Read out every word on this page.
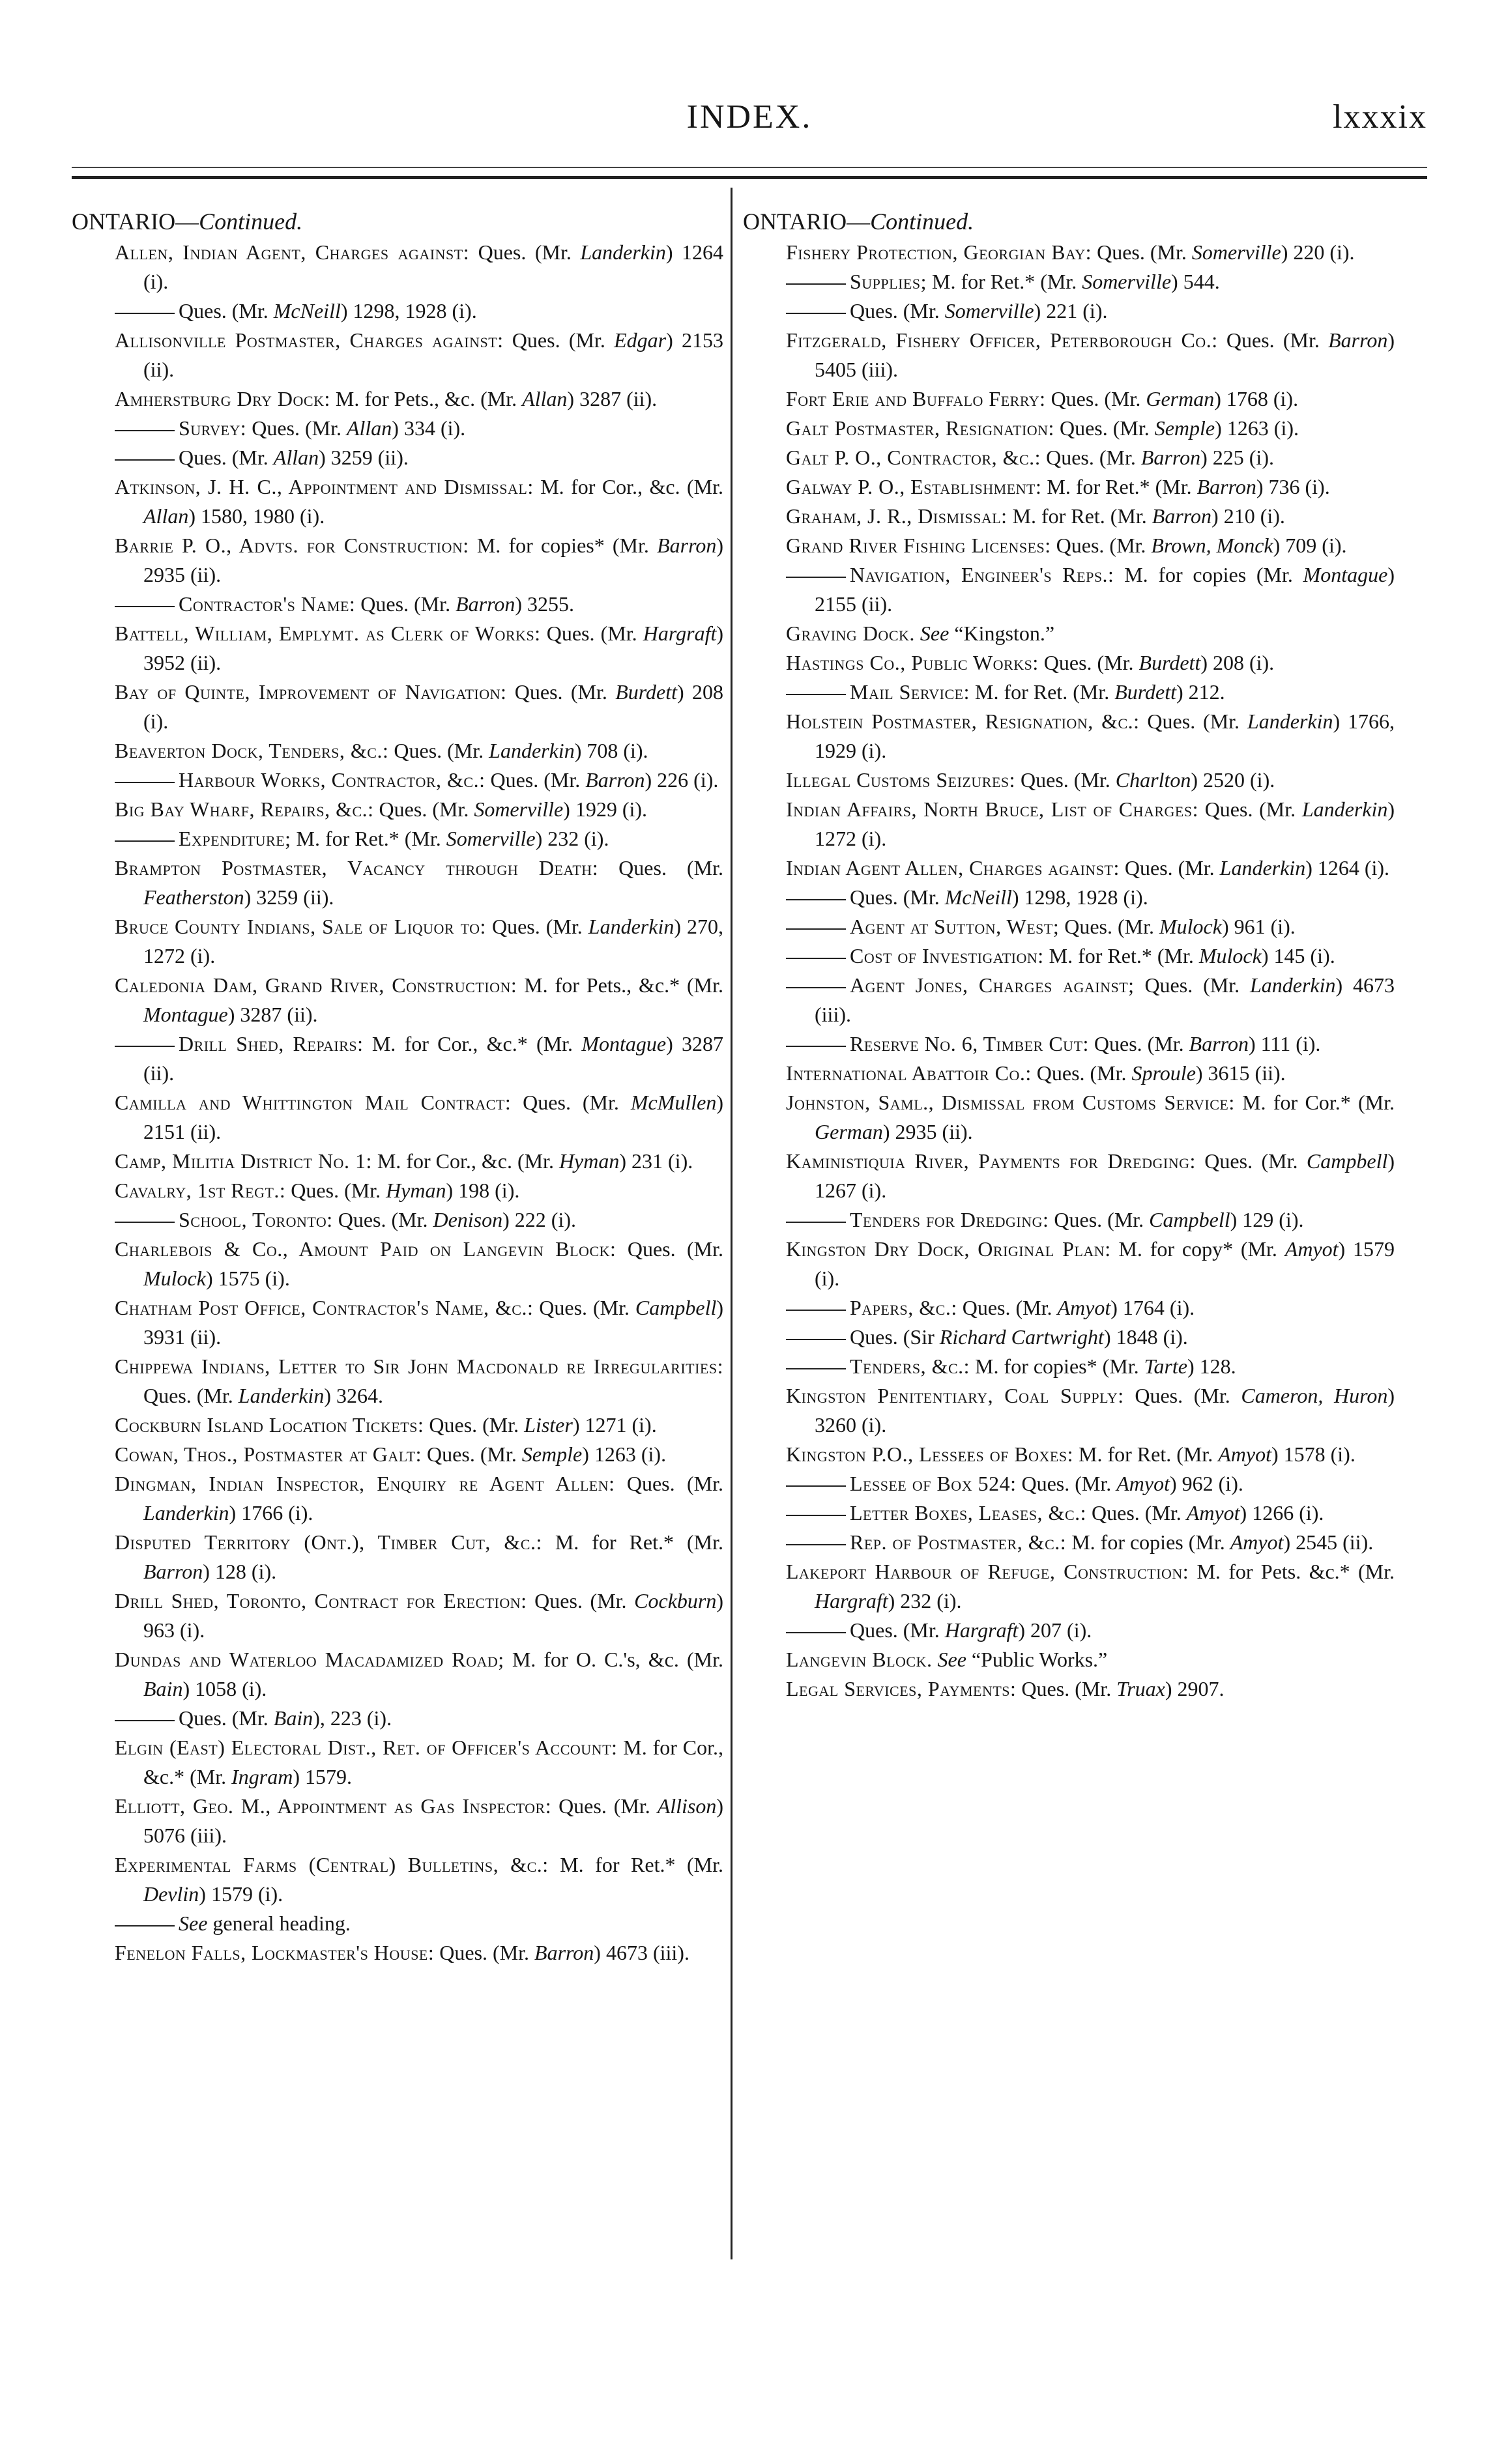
INDEX.	lxxxix
ONTARIO—Continued.
Allen, Indian Agent, Charges against: Ques. (Mr. Landerkin) 1264 (i).
Ques. (Mr. McNeill) 1298, 1928 (i).
Allisonville Postmaster, Charges against: Ques. (Mr. Edgar) 2153 (ii).
Amherstburg Dry Dock: M. for Pets., &c. (Mr. Allan) 3287 (ii).
Survey: Ques. (Mr. Allan) 334 (i).
Ques. (Mr. Allan) 3259 (ii).
Atkinson, J. H. C., Appointment and Dismissal: M. for Cor., &c. (Mr. Allan) 1580, 1980 (i).
Barrie P. O., Advts. for Construction: M. for copies* (Mr. Barron) 2935 (ii).
Contractor's Name: Ques. (Mr. Barron) 3255.
Battell, William, Emplymt. as Clerk of Works: Ques. (Mr. Hargraft) 3952 (ii).
Bay of Quinte, Improvement of Navigation: Ques. (Mr. Burdett) 208 (i).
Beaverton Dock, Tenders, &c.: Ques. (Mr. Landerkin) 708 (i).
Harbour Works, Contractor, &c.: Ques. (Mr. Barron) 226 (i).
Big Bay Wharf, Repairs, &c.: Ques. (Mr. Somerville) 1929 (i).
Expenditure; M. for Ret.* (Mr. Somerville) 232 (i).
Brampton Postmaster, Vacancy through Death: Ques. (Mr. Featherston) 3259 (ii).
Bruce County Indians, Sale of Liquor to: Ques. (Mr. Landerkin) 270, 1272 (i).
Caledonia Dam, Grand River, Construction: M. for Pets., &c.* (Mr. Montague) 3287 (ii).
Drill Shed, Repairs: M. for Cor., &c.* (Mr. Montague) 3287 (ii).
Camilla and Whittington Mail Contract: Ques. (Mr. McMullen) 2151 (ii).
Camp, Militia District No. 1: M. for Cor., &c. (Mr. Hyman) 231 (i).
Cavalry, 1st Regt.: Ques. (Mr. Hyman) 198 (i).
School, Toronto: Ques. (Mr. Denison) 222 (i).
Charlebois & Co., Amount Paid on Langevin Block: Ques. (Mr. Mulock) 1575 (i).
Chatham Post Office, Contractor's Name, &c.: Ques. (Mr. Campbell) 3931 (ii).
Chippewa Indians, Letter to Sir John Macdonald re Irregularities: Ques. (Mr. Landerkin) 3264.
Cockburn Island Location Tickets: Ques. (Mr. Lister) 1271 (i).
Cowan, Thos., Postmaster at Galt: Ques. (Mr. Semple) 1263 (i).
Dingman, Indian Inspector, Enquiry re Agent Allen: Ques. (Mr. Landerkin) 1766 (i).
Disputed Territory (Ont.), Timber Cut, &c.: M. for Ret.* (Mr. Barron) 128 (i).
Drill Shed, Toronto, Contract for Erection: Ques. (Mr. Cockburn) 963 (i).
Dundas and Waterloo Macadamized Road; M. for O. C.'s, &c. (Mr. Bain) 1058 (i).
Ques. (Mr. Bain), 223 (i).
Elgin (East) Electoral Dist., Ret. of Officer's Account: M. for Cor., &c.* (Mr. Ingram) 1579.
Elliott, Geo. M., Appointment as Gas Inspector: Ques. (Mr. Allison) 5076 (iii).
Experimental Farms (Central) Bulletins, &c.: M. for Ret.* (Mr. Devlin) 1579 (i).
See general heading.
Fenelon Falls, Lockmaster's House: Ques. (Mr. Barron) 4673 (iii).
ONTARIO—Continued.
Fishery Protection, Georgian Bay: Ques. (Mr. Somerville) 220 (i).
Supplies; M. for Ret.* (Mr. Somerville) 544.
Ques. (Mr. Somerville) 221 (i).
Fitzgerald, Fishery Officer, Peterborough Co.: Ques. (Mr. Barron) 5405 (iii).
Fort Erie and Buffalo Ferry: Ques. (Mr. German) 1768 (i).
Galt Postmaster, Resignation: Ques. (Mr. Semple) 1263 (i).
Galt P. O., Contractor, &c.: Ques. (Mr. Barron) 225 (i).
Galway P. O., Establishment: M. for Ret.* (Mr. Barron) 736 (i).
Graham, J. R., Dismissal: M. for Ret. (Mr. Barron) 210 (i).
Grand River Fishing Licenses: Ques. (Mr. Brown, Monck) 709 (i).
Navigation, Engineer's Reps.: M. for copies (Mr. Montague) 2155 (ii).
Graving Dock. See “Kingston.”
Hastings Co., Public Works: Ques. (Mr. Burdett) 208 (i).
Mail Service: M. for Ret. (Mr. Burdett) 212.
Holstein Postmaster, Resignation, &c.: Ques. (Mr. Landerkin) 1766, 1929 (i).
Illegal Customs Seizures: Ques. (Mr. Charlton) 2520 (i).
Indian Affairs, North Bruce, List of Charges: Ques. (Mr. Landerkin) 1272 (i).
Indian Agent Allen, Charges against: Ques. (Mr. Landerkin) 1264 (i).
Ques. (Mr. McNeill) 1298, 1928 (i).
Agent at Sutton, West; Ques. (Mr. Mulock) 961 (i).
Cost of Investigation: M. for Ret.* (Mr. Mulock) 145 (i).
Agent Jones, Charges against; Ques. (Mr. Landerkin) 4673 (iii).
Reserve No. 6, Timber Cut: Ques. (Mr. Barron) 111 (i).
International Abattoir Co.: Ques. (Mr. Sproule) 3615 (ii).
Johnston, Saml., Dismissal from Customs Service: M. for Cor.* (Mr. German) 2935 (ii).
Kaministiquia River, Payments for Dredging: Ques. (Mr. Campbell) 1267 (i).
Tenders for Dredging: Ques. (Mr. Campbell) 129 (i).
Kingston Dry Dock, Original Plan: M. for copy* (Mr. Amyot) 1579 (i).
Papers, &c.: Ques. (Mr. Amyot) 1764 (i).
Ques. (Sir Richard Cartwright) 1848 (i).
Tenders, &c.: M. for copies* (Mr. Tarte) 128.
Kingston Penitentiary, Coal Supply: Ques. (Mr. Cameron, Huron) 3260 (i).
Kingston P.O., Lessees of Boxes: M. for Ret. (Mr. Amyot) 1578 (i).
Lessee of Box 524: Ques. (Mr. Amyot) 962 (i).
Letter Boxes, Leases, &c.: Ques. (Mr. Amyot) 1266 (i).
Rep. of Postmaster, &c.: M. for copies (Mr. Amyot) 2545 (ii).
Lakeport Harbour of Refuge, Construction: M. for Pets. &c.* (Mr. Hargraft) 232 (i).
Ques. (Mr. Hargraft) 207 (i).
Langevin Block. See “Public Works.”
Legal Services, Payments: Ques. (Mr. Truax) 2907.
